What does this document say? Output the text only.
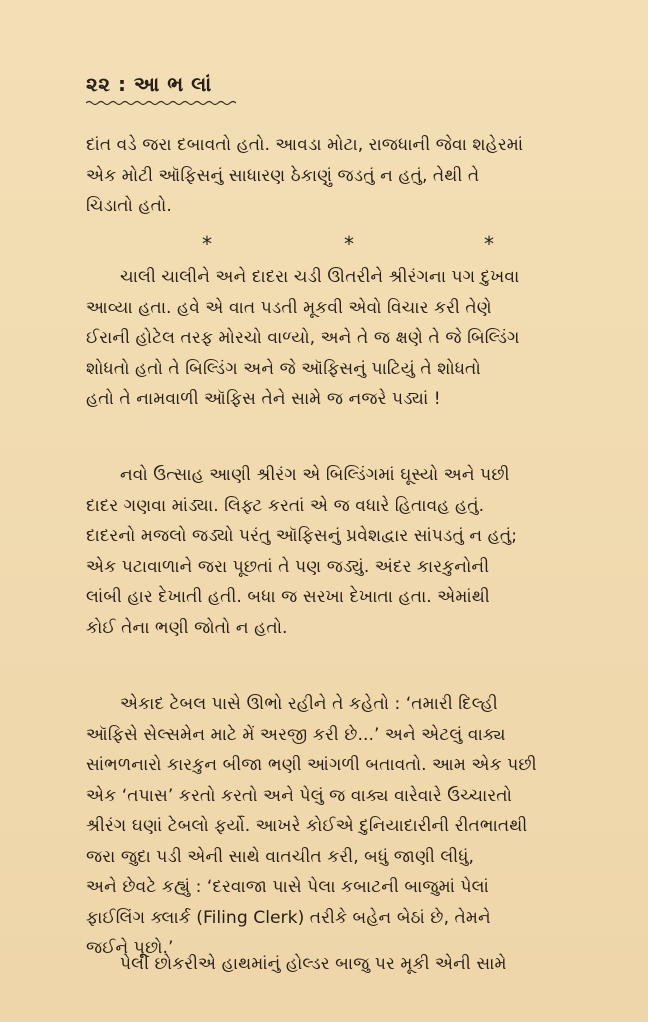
૨૨ : આ ભ લાં
દાંત વડે જરા દબાવતો હતો. આવડા મોટા, રાજધાની જેવા શહેરમાં
એક મોટી ઑફિસનું સાધારણ ઠેકાણું જડતું ન હતું, તેથી તે
ચિડાતો હતો.
*	*	*
ચાલી ચાલીને અને દાદરા ચડી ઊતરીને શ્રીરંગના પગ દુખવા
આવ્યા હતા. હવે એ વાત પડતી મૂકવી એવો વિચાર કરી તેણે
ઈરાની હોટેલ તરફ મોરચો વાળ્યો, અને તે જ ક્ષણે તે જે બિલ્ડિંગ
શોધતો હતો તે બિલ્ડિંગ અને જે ઑફિસનું પાટિયું તે શોધતો
હતો તે નામવાળી ઑફિસ તેને સામે જ નજરે પડ્યાં !
નવો ઉત્સાહ આણી શ્રીરંગ એ બિલ્ડિંગમાં ઘૂસ્યો અને પછી
દાદર ગણવા માંડ્યા. લિફ્ટ કરતાં એ જ વધારે હિતાવહ હતું.
દાદરનો મજલો જડ્યો પરંતુ ઑફિસનું પ્રવેશદ્વાર સાંપડતું ન હતું;
એક પટાવાળાને જરા પૂછતાં તે પણ જડ્યું. અંદર કારકુનોની
લાંબી હાર દેખાતી હતી. બધા જ સરખા દેખાતા હતા. એમાંથી
કોઈ તેના ભણી જોતો ન હતો.
એકાદ ટેબલ પાસે ઊભો રહીને તે કહેતો : ‘તમારી દિલ્હી
ઑફિસે સેલ્સમેન માટે મેં અરજી કરી છે...’ અને એટલું વાક્ય
સાંભળનારો કારકુન બીજા ભણી આંગળી બતાવતો. આમ એક પછી
એક ‘તપાસ’ કરતો કરતો અને પેલું જ વાક્ય વારેવારે ઉચ્ચારતો
શ્રીરંગ ઘણાં ટેબલો ફર્યો. આખરે કોઈએ દુનિયાદારીની રીતભાતથી
જરા જુદા પડી એની સાથે વાતચીત કરી, બધું જાણી લીધું,
અને છેવટે કહ્યું : ‘દરવાજા પાસે પેલા કબાટની બાજુમાં પેલાં
ફાઈલિંગ ક્લાર્ક (Filing Clerk) તરીકે બહેન બેઠાં છે, તેમને
જઈને પૂછો.’
પેલી છોકરીએ હાથમાંનું હોલ્ડર બાજુ પર મૂકી એની સામે
